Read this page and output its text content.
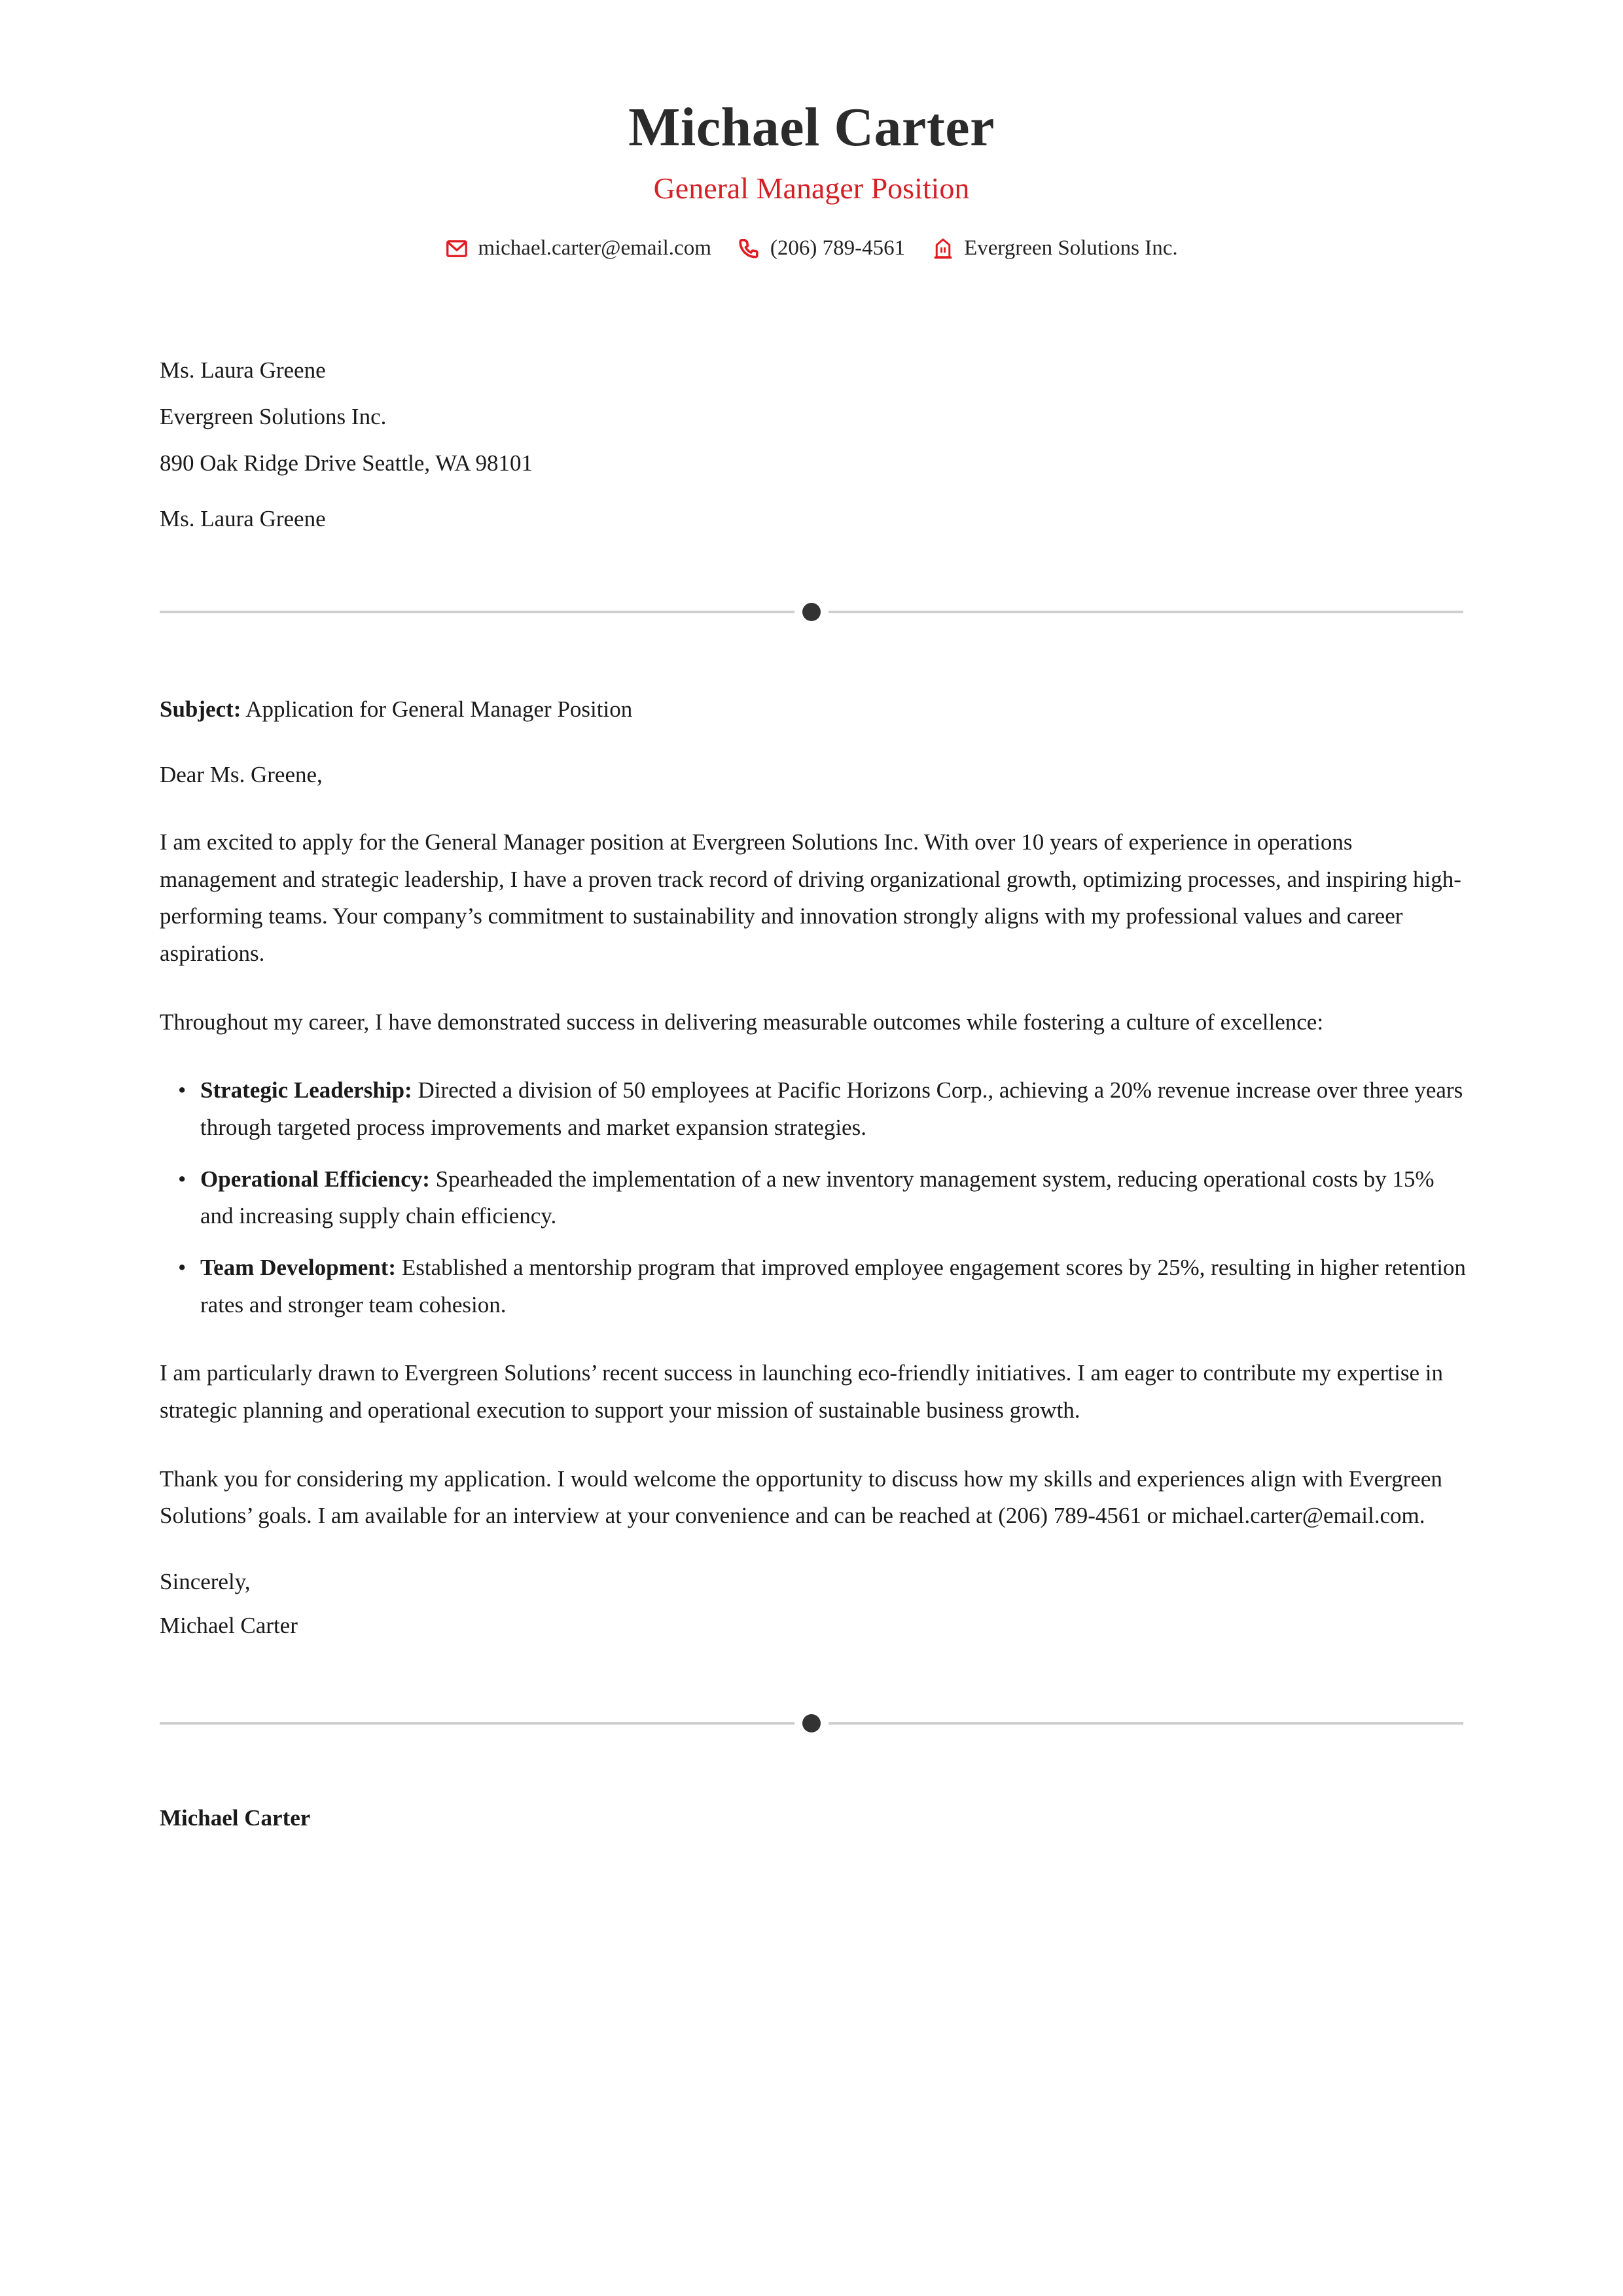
Michael Carter
General Manager Position
michael.carter@email.com	(206) 789-4561	Evergreen Solutions Inc.
Ms. Laura Greene
Evergreen Solutions Inc.
890 Oak Ridge Drive Seattle, WA 98101
Ms. Laura Greene
Subject: Application for General Manager Position
Dear Ms. Greene,

I am excited to apply for the General Manager position at Evergreen Solutions Inc. With over 10 years of experience in operations management and strategic leadership, I have a proven track record of driving organizational growth, optimizing processes, and inspiring high-performing teams. Your company’s commitment to sustainability and innovation strongly aligns with my professional values and career aspirations.

Throughout my career, I have demonstrated success in delivering measurable outcomes while fostering a culture of excellence:

• Strategic Leadership: Directed a division of 50 employees at Pacific Horizons Corp., achieving a 20% revenue increase over three years through targeted process improvements and market expansion strategies.
• Operational Efficiency: Spearheaded the implementation of a new inventory management system, reducing operational costs by 15% and increasing supply chain efficiency.
• Team Development: Established a mentorship program that improved employee engagement scores by 25%, resulting in higher retention rates and stronger team cohesion.

I am particularly drawn to Evergreen Solutions’ recent success in launching eco-friendly initiatives. I am eager to contribute my expertise in strategic planning and operational execution to support your mission of sustainable business growth.

Thank you for considering my application. I would welcome the opportunity to discuss how my skills and experiences align with Evergreen Solutions’ goals. I am available for an interview at your convenience and can be reached at (206) 789-4561 or michael.carter@email.com.

Sincerely,
Michael Carter
Michael Carter
